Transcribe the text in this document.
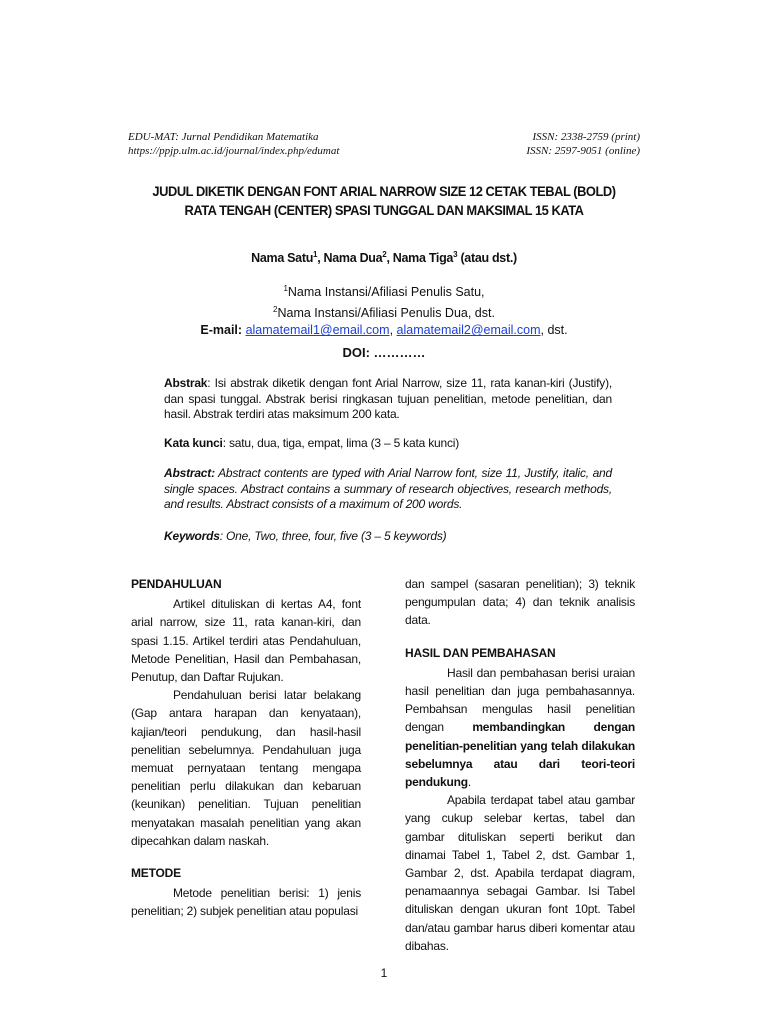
EDU-MAT: Jurnal Pendidikan Matematika	ISSN: 2338-2759 (print)
https://ppjp.ulm.ac.id/journal/index.php/edumat	ISSN: 2597-9051 (online)
JUDUL DIKETIK DENGAN FONT ARIAL NARROW SIZE 12 CETAK TEBAL (BOLD)
RATA TENGAH (CENTER) SPASI TUNGGAL DAN MAKSIMAL 15 KATA
Nama Satu$^1$, Nama Dua$^2$, Nama Tiga$^3$ (atau dst.)
$^1$Nama Instansi/Afiliasi Penulis Satu,
$^2$Nama Instansi/Afiliasi Penulis Dua, dst.
E-mail: alamatemail1@email.com, alamatemail2@email.com, dst.
DOI: …………
Abstrak: Isi abstrak diketik dengan font Arial Narrow, size 11, rata kanan-kiri (Justify), dan spasi tunggal. Abstrak berisi ringkasan tujuan penelitian, metode penelitian, dan hasil. Abstrak terdiri atas maksimum 200 kata.
Kata kunci: satu, dua, tiga, empat, lima (3 – 5 kata kunci)
Abstract: Abstract contents are typed with Arial Narrow font, size 11, Justify, italic, and single spaces. Abstract contains a summary of research objectives, research methods, and results. Abstract consists of a maximum of 200 words.
Keywords: One, Two, three, four, five (3 – 5 keywords)
PENDAHULUAN

Artikel dituliskan di kertas A4, font arial narrow, size 11, rata kanan-kiri, dan spasi 1.15. Artikel terdiri atas Pendahuluan, Metode Penelitian, Hasil dan Pembahasan, Penutup, dan Daftar Rujukan.

Pendahuluan berisi latar belakang (Gap antara harapan dan kenyataan), kajian/teori pendukung, dan hasil-hasil penelitian sebelumnya. Pendahuluan juga memuat pernyataan tentang mengapa penelitian perlu dilakukan dan kebaruan (keunikan) penelitian. Tujuan penelitian menyatakan masalah penelitian yang akan dipecahkan dalam naskah.

METODE

Metode penelitian berisi: 1) jenis penelitian; 2) subjek penelitian atau populasi

dan sampel (sasaran penelitian); 3) teknik pengumpulan data; 4) dan teknik analisis data.

HASIL DAN PEMBAHASAN

Hasil dan pembahasan berisi uraian hasil penelitian dan juga pembahasannya. Pembahsan mengulas hasil penelitian dengan membandingkan dengan penelitian-penelitian yang telah dilakukan sebelumnya atau dari teori-teori pendukung.

Apabila terdapat tabel atau gambar yang cukup selebar kertas, tabel dan gambar dituliskan seperti berikut dan dinamai Tabel 1, Tabel 2, dst. Gambar 1, Gambar 2, dst. Apabila terdapat diagram, penamaannya sebagai Gambar. Isi Tabel dituliskan dengan ukuran font 10pt. Tabel dan/atau gambar harus diberi komentar atau dibahas.

1
